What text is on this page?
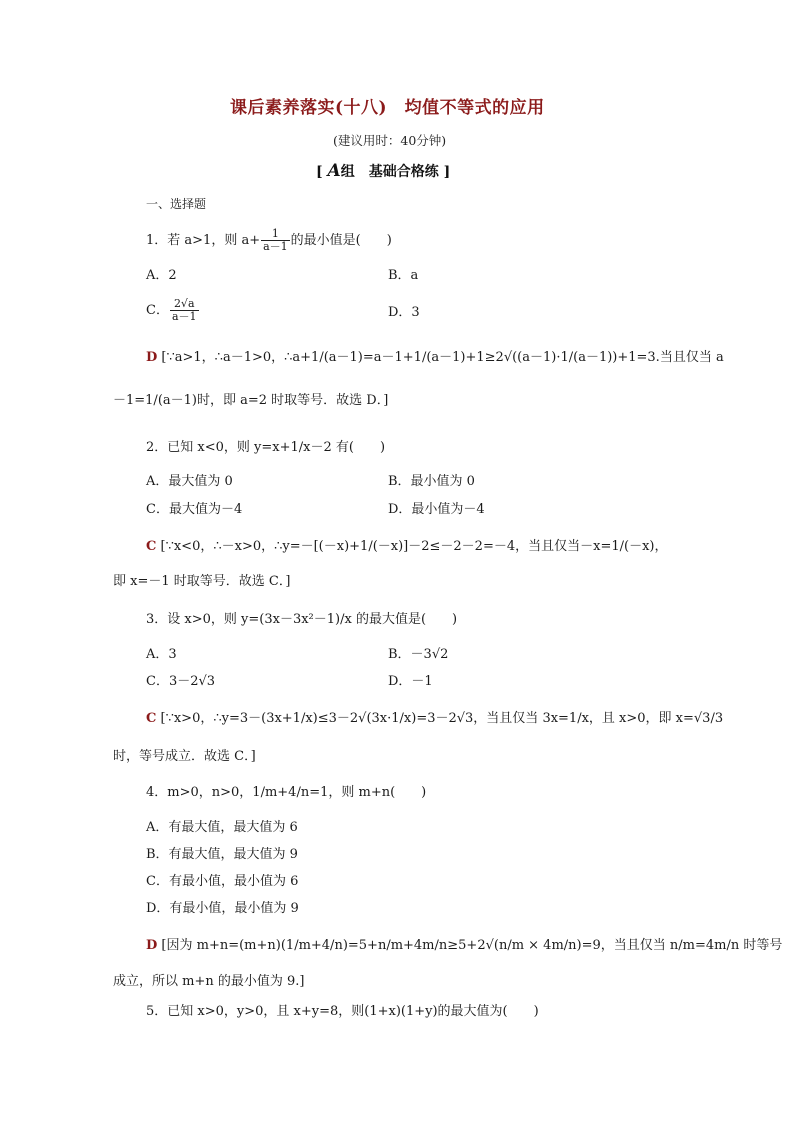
课后素养落实(十八)　均值不等式的应用
(建议用时：40分钟)
[ A组　基础合格练 ]
一、选择题
1．若 a>1，则 $a+ \frac{1}{a-1}$ 的最小值是(　　)
A．2	B．a
C． $\frac{2√a}{a-1}$	D．3
D [∵a>1，∴a－1>0，∴a+1/(a－1)=a－1+1/(a－1)+1≥2√((a－1)·1/(a－1))+1=3.当且仅当 a
－1=1/(a－1)时，即 a=2 时取等号．故选 D．]
2．已知 x<0，则 y=x+1/x－2 有(　　)
A．最大值为 0	B．最小值为 0
C．最大值为－4	D．最小值为－4
C [∵x<0，∴－x>0，∴y=－[(－x)+1/(－x)]－2≤－2－2=－4，当且仅当－x=1/(－x)，
即 x=－1 时取等号．故选 C．]
3．设 x>0，则 y=(3x－3x²－1)/x 的最大值是(　　)
A．3	B．－3√2
C．3－2√3	D．－1
C [∵x>0，∴y=3－(3x+1/x)≤3－2√(3x·1/x)=3－2√3，当且仅当 3x=1/x，且 x>0，即 x=√3/3
时，等号成立．故选 C．]
4．m>0，n>0，1/m+4/n=1，则 m+n(　　)
A．有最大值，最大值为 6
B．有最大值，最大值为 9
C．有最小值，最小值为 6
D．有最小值，最小值为 9
D [因为 m+n=(m+n)(1/m+4/n)=5+n/m+4m/n≥5+2√(n/m × 4m/n)=9，当且仅当 n/m=4m/n 时等号
成立，所以 m+n 的最小值为 9.]
5．已知 x>0，y>0，且 x+y=8，则(1+x)(1+y)的最大值为(　　)
